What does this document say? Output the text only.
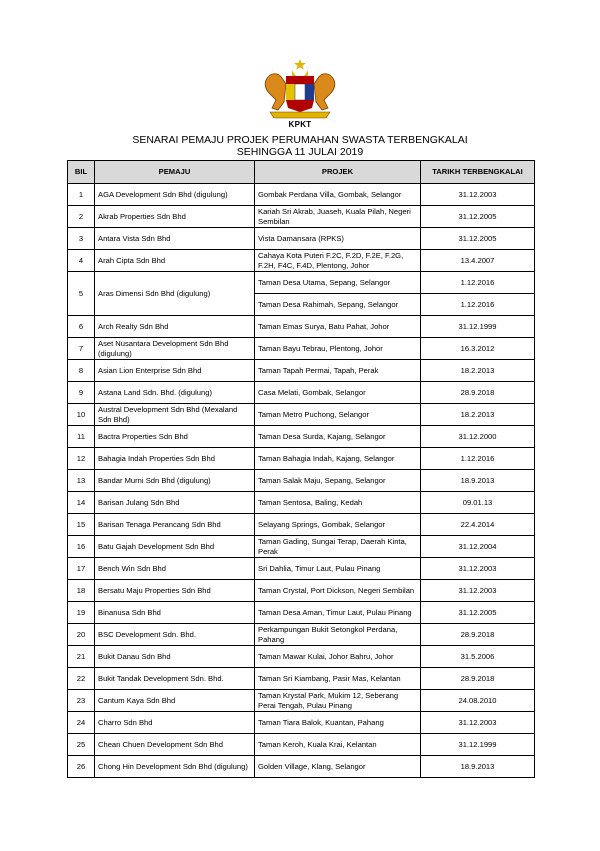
KPKT
SENARAI PEMAJU PROJEK PERUMAHAN SWASTA TERBENGKALAI
SEHINGGA 11 JULAI 2019
BIL	PEMAJU	PROJEK	TARIKH TERBENGKALAI
1	AGA Development Sdn Bhd (digulung)	Gombak Perdana Villa, Gombak, Selangor	31.12.2003
2	Akrab Properties Sdn Bhd	Kariah Sri Akrab, Juaseh, Kuala Pilah, Negeri Sembilan	31.12.2005
3	Antara Vista Sdn Bhd	Vista Damansara (RPKS)	31.12.2005
4	Arah Cipta Sdn Bhd	Cahaya Kota Puteri F.2C, F.2D, F.2E, F.2G, F.2H, F4C, F.4D, Plentong, Johor	13.4.2007
5	Aras Dimensi Sdn Bhd (digulung)	Taman Desa Utama, Sepang, Selangor	1.12.2016
		Taman Desa Rahimah, Sepang, Selangor	1.12.2016
6	Arch Realty Sdn Bhd	Taman Emas Surya, Batu Pahat, Johor	31.12.1999
7	Aset Nusantara Development Sdn Bhd (digulung)	Taman Bayu Tebrau, Plentong, Johor	16.3.2012
8	Asian Lion Enterprise Sdn Bhd	Taman Tapah Permai, Tapah, Perak	18.2.2013
9	Astana Land Sdn. Bhd. (digulung)	Casa Melati, Gombak, Selangor	28.9.2018
10	Austral Development Sdn Bhd (Mexaland Sdn Bhd)	Taman Metro Puchong, Selangor	18.2.2013
11	Bactra Properties Sdn Bhd	Taman Desa Surda, Kajang, Selangor	31.12.2000
12	Bahagia Indah Properties Sdn Bhd	Taman Bahagia Indah, Kajang, Selangor	1.12.2016
13	Bandar Murni Sdn Bhd (digulung)	Taman Salak Maju, Sepang, Selangor	18.9.2013
14	Barisan Julang Sdn Bhd	Taman Sentosa, Baling, Kedah	09.01.13
15	Barisan Tenaga Perancang Sdn Bhd	Selayang Springs, Gombak, Selangor	22.4.2014
16	Batu Gajah Development Sdn Bhd	Taman Gading, Sungai Terap, Daerah Kinta, Perak	31.12.2004
17	Bench Win Sdn Bhd	Sri Dahlia, Timur Laut, Pulau Pinang	31.12.2003
18	Bersatu Maju Properties Sdn Bhd	Taman Crystal, Port Dickson, Negeri Sembilan	31.12.2003
19	Binanusa Sdn Bhd	Taman Desa Aman, Timur Laut, Pulau Pinang	31.12.2005
20	BSC Development Sdn. Bhd.	Perkampungan Bukit Setongkol Perdana, Pahang	28.9.2018
21	Bukit Danau Sdn Bhd	Taman Mawar Kulai, Johor Bahru, Johor	31.5.2006
22	Bukit Tandak Development Sdn. Bhd.	Taman Sri Kiambang, Pasir Mas, Kelantan	28.9.2018
23	Cantum Kaya Sdn Bhd	Taman Krystal Park, Mukim 12, Seberang Perai Tengah, Pulau Pinang	24.08.2010
24	Charro Sdn Bhd	Taman Tiara Balok, Kuantan, Pahang	31.12.2003
25	Chean Chuen Development Sdn Bhd	Taman Keroh, Kuala Krai, Kelantan	31.12.1999
26	Chong Hin Development Sdn Bhd (digulung)	Golden Village, Klang, Selangor	18.9.2013
